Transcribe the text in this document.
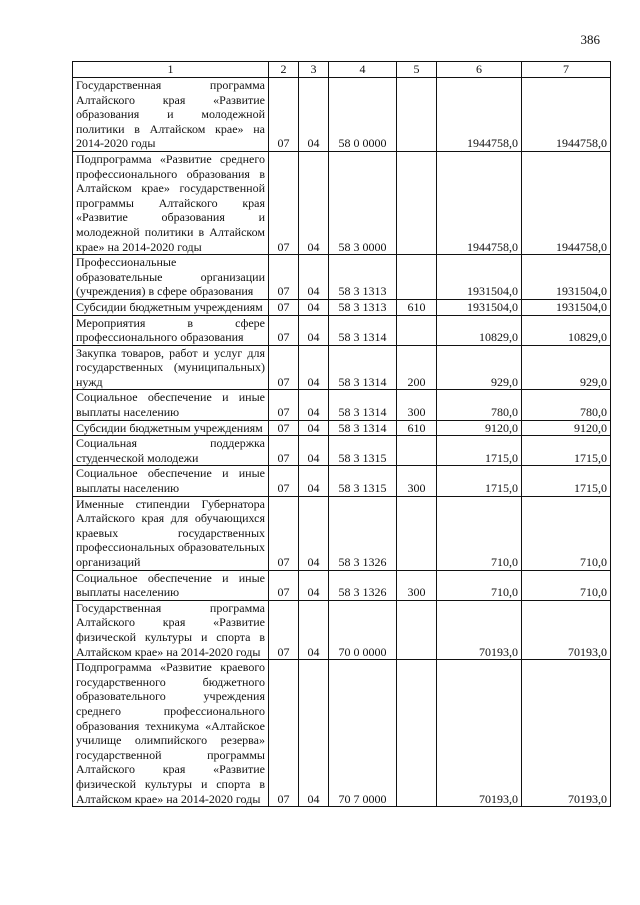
386
1	2	3	4	5	6	7
Государственная программа Алтайского края «Развитие образования и молодежной политики в Алтайском крае» на 2014-2020 годы	07	04	58 0 0000		1944758,0	1944758,0
Подпрограмма «Развитие среднего профессионального образования в Алтайском крае» государственной программы Алтайского края «Развитие образования и молодежной политики в Алтайском крае» на 2014-2020 годы	07	04	58 3 0000		1944758,0	1944758,0
Профессиональные образовательные организации (учреждения) в сфере образования	07	04	58 3 1313		1931504,0	1931504,0
Субсидии бюджетным учреждениям	07	04	58 3 1313	610	1931504,0	1931504,0
Мероприятия в сфере профессионального образования	07	04	58 3 1314		10829,0	10829,0
Закупка товаров, работ и услуг для государственных (муниципальных) нужд	07	04	58 3 1314	200	929,0	929,0
Социальное обеспечение и иные выплаты населению	07	04	58 3 1314	300	780,0	780,0
Субсидии бюджетным учреждениям	07	04	58 3 1314	610	9120,0	9120,0
Социальная поддержка студенческой молодежи	07	04	58 3 1315		1715,0	1715,0
Социальное обеспечение и иные выплаты населению	07	04	58 3 1315	300	1715,0	1715,0
Именные стипендии Губернатора Алтайского края для обучающихся краевых государственных профессиональных образовательных организаций	07	04	58 3 1326		710,0	710,0
Социальное обеспечение и иные выплаты населению	07	04	58 3 1326	300	710,0	710,0
Государственная программа Алтайского края «Развитие физической культуры и спорта в Алтайском крае» на 2014-2020 годы	07	04	70 0 0000		70193,0	70193,0
Подпрограмма «Развитие краевого государственного бюджетного образовательного учреждения среднего профессионального образования техникума «Алтайское училище олимпийского резерва» государственной программы Алтайского края «Развитие физической культуры и спорта в Алтайском крае» на 2014-2020 годы	07	04	70 7 0000		70193,0	70193,0
